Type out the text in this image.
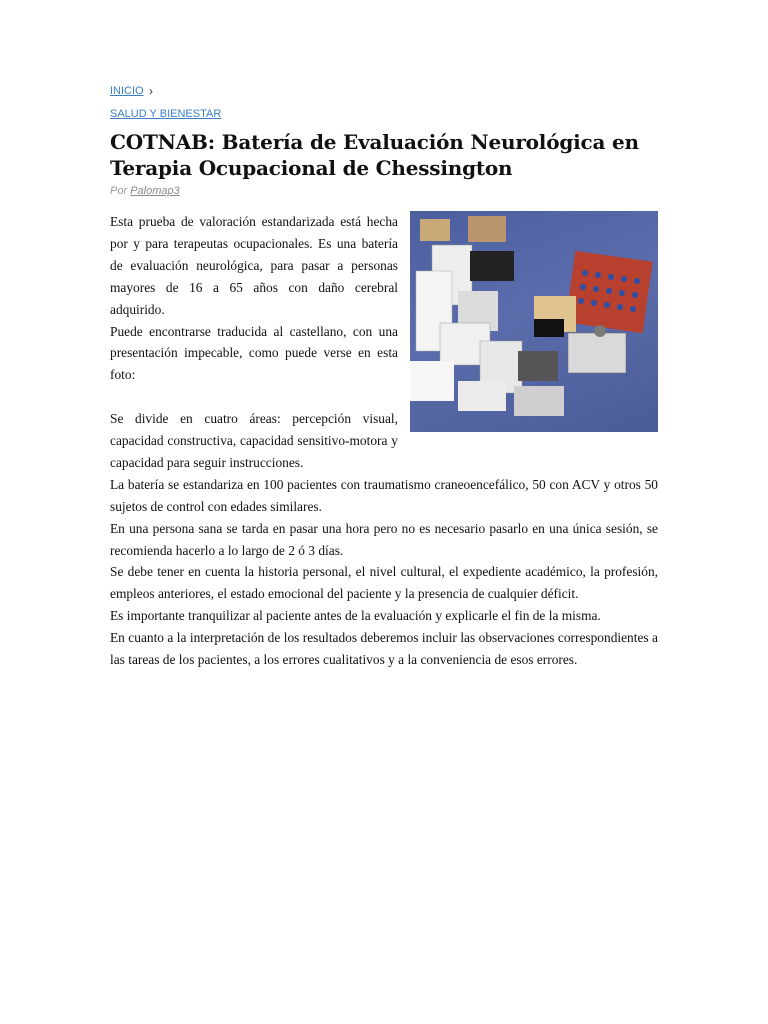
INICIO ›
SALUD Y BIENESTAR
COTNAB: Batería de Evaluación Neurológica en Terapia Ocupacional de Chessington
Por Palomap3

Esta prueba de valoración estandarizada está hecha por y para terapeutas ocupacionales. Es una batería de evaluación neurológica, para pasar a personas mayores de 16 a 65 años con daño cerebral adquirido.

Puede encontrarse traducida al castellano, con una presentación impecable, como puede verse en esta foto:

Se divide en cuatro áreas: percepción visual, capacidad constructiva, capacidad sensitivo-motora y capacidad para seguir instrucciones.

La batería se estandariza en 100 pacientes con traumatismo craneoencefálico, 50 con ACV y otros 50 sujetos de control con edades similares.

En una persona sana se tarda en pasar una hora pero no es necesario pasarlo en una única sesión, se recomienda hacerlo a lo largo de 2 ó 3 días.

Se debe tener en cuenta la historia personal, el nivel cultural, el expediente académico, la profesión, empleos anteriores, el estado emocional del paciente y la presencia de cualquier déficit.

Es importante tranquilizar al paciente antes de la evaluación y explicarle el fin de la misma.

En cuanto a la interpretación de los resultados deberemos incluir las observaciones correspondientes a las tareas de los pacientes, a los errores cualitativos y a la conveniencia de esos errores.
